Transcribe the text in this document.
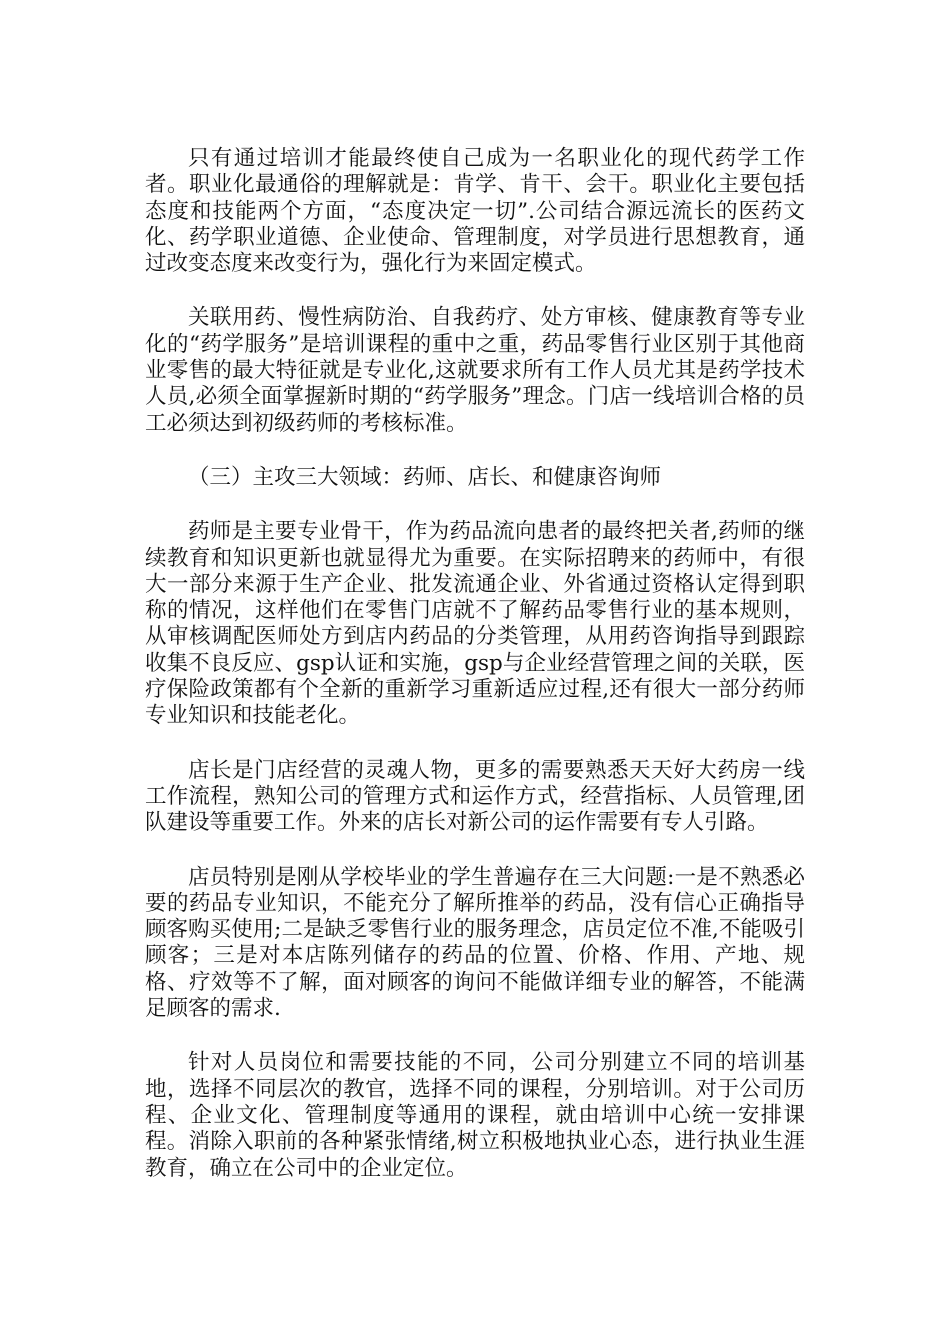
只有通过培训才能最终使自己成为一名职业化的现代药学工作者。职业化最通俗的理解就是：肯学、肯干、会干。职业化主要包括态度和技能两个方面，“态度决定一切”.公司结合源远流长的医药文化、药学职业道德、企业使命、管理制度，对学员进行思想教育，通过改变态度来改变行为，强化行为来固定模式。

关联用药、慢性病防治、自我药疗、处方审核、健康教育等专业化的“药学服务”是培训课程的重中之重，药品零售行业区别于其他商业零售的最大特征就是专业化,这就要求所有工作人员尤其是药学技术人员,必须全面掌握新时期的“药学服务”理念。门店一线培训合格的员工必须达到初级药师的考核标准。

（三）主攻三大领域：药师、店长、和健康咨询师

药师是主要专业骨干，作为药品流向患者的最终把关者,药师的继续教育和知识更新也就显得尤为重要。在实际招聘来的药师中，有很大一部分来源于生产企业、批发流通企业、外省通过资格认定得到职称的情况，这样他们在零售门店就不了解药品零售行业的基本规则，从审核调配医师处方到店内药品的分类管理，从用药咨询指导到跟踪收集不良反应、gsp认证和实施，gsp与企业经营管理之间的关联，医疗保险政策都有个全新的重新学习重新适应过程,还有很大一部分药师专业知识和技能老化。

店长是门店经营的灵魂人物，更多的需要熟悉天天好大药房一线工作流程，熟知公司的管理方式和运作方式，经营指标、人员管理,团队建设等重要工作。外来的店长对新公司的运作需要有专人引路。

店员特别是刚从学校毕业的学生普遍存在三大问题:一是不熟悉必要的药品专业知识，不能充分了解所推举的药品，没有信心正确指导顾客购买使用;二是缺乏零售行业的服务理念，店员定位不准,不能吸引顾客；三是对本店陈列储存的药品的位置、价格、作用、产地、规格、疗效等不了解，面对顾客的询问不能做详细专业的解答，不能满足顾客的需求.

针对人员岗位和需要技能的不同，公司分别建立不同的培训基地，选择不同层次的教官，选择不同的课程，分别培训。对于公司历程、企业文化、管理制度等通用的课程，就由培训中心统一安排课程。消除入职前的各种紧张情绪,树立积极地执业心态，进行执业生涯教育，确立在公司中的企业定位。
